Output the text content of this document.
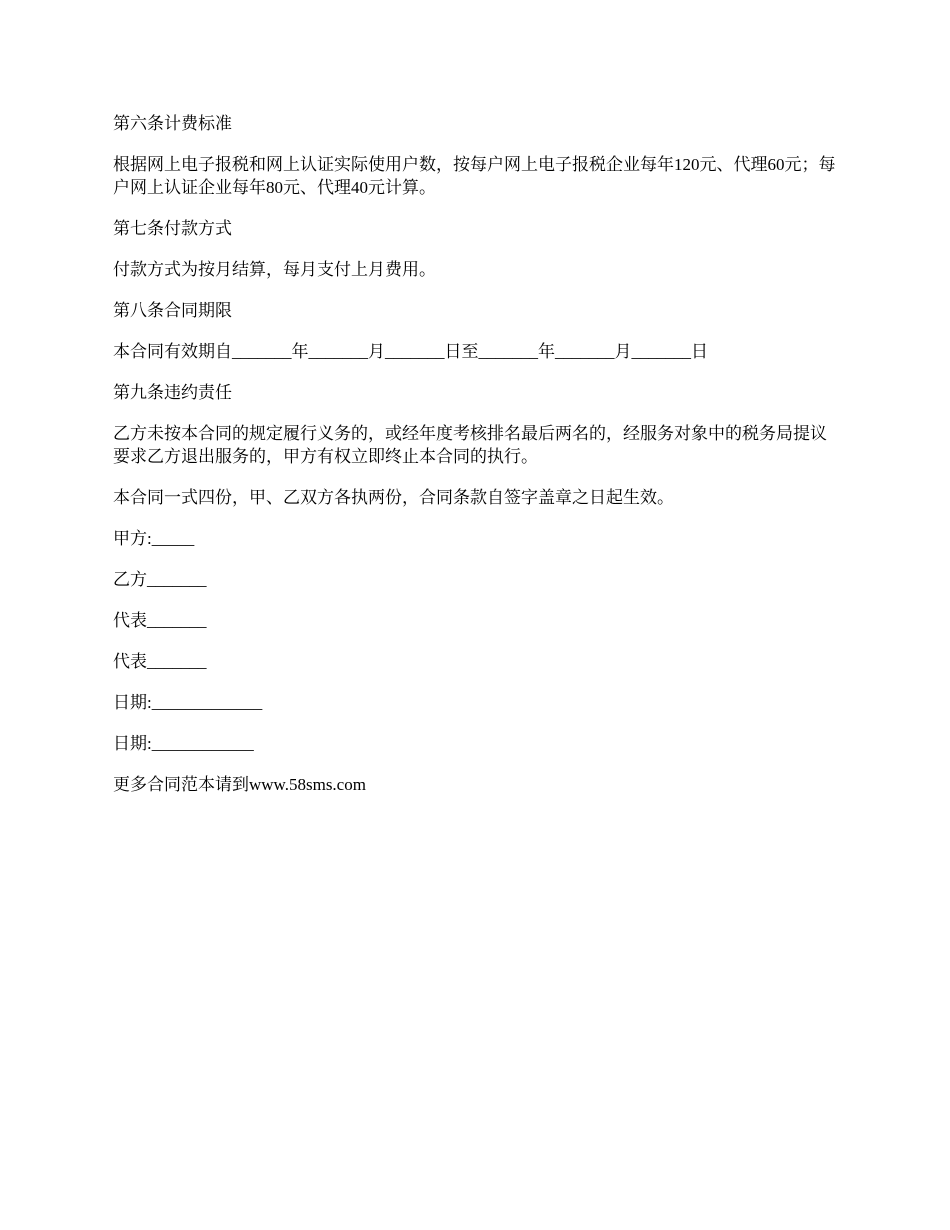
第六条计费标准

根据网上电子报税和网上认证实际使用户数，按每户网上电子报税企业每年120元、代理60元；每户网上认证企业每年80元、代理40元计算。

第七条付款方式

付款方式为按月结算，每月支付上月费用。

第八条合同期限

本合同有效期自_______年_______月_______日至_______年_______月_______日

第九条违约责任

乙方未按本合同的规定履行义务的，或经年度考核排名最后两名的，经服务对象中的税务局提议要求乙方退出服务的，甲方有权立即终止本合同的执行。

本合同一式四份，甲、乙双方各执两份，合同条款自签字盖章之日起生效。

甲方:_____

乙方_______

代表_______

代表_______

日期:_____________

日期:____________

更多合同范本请到www.58sms.com
